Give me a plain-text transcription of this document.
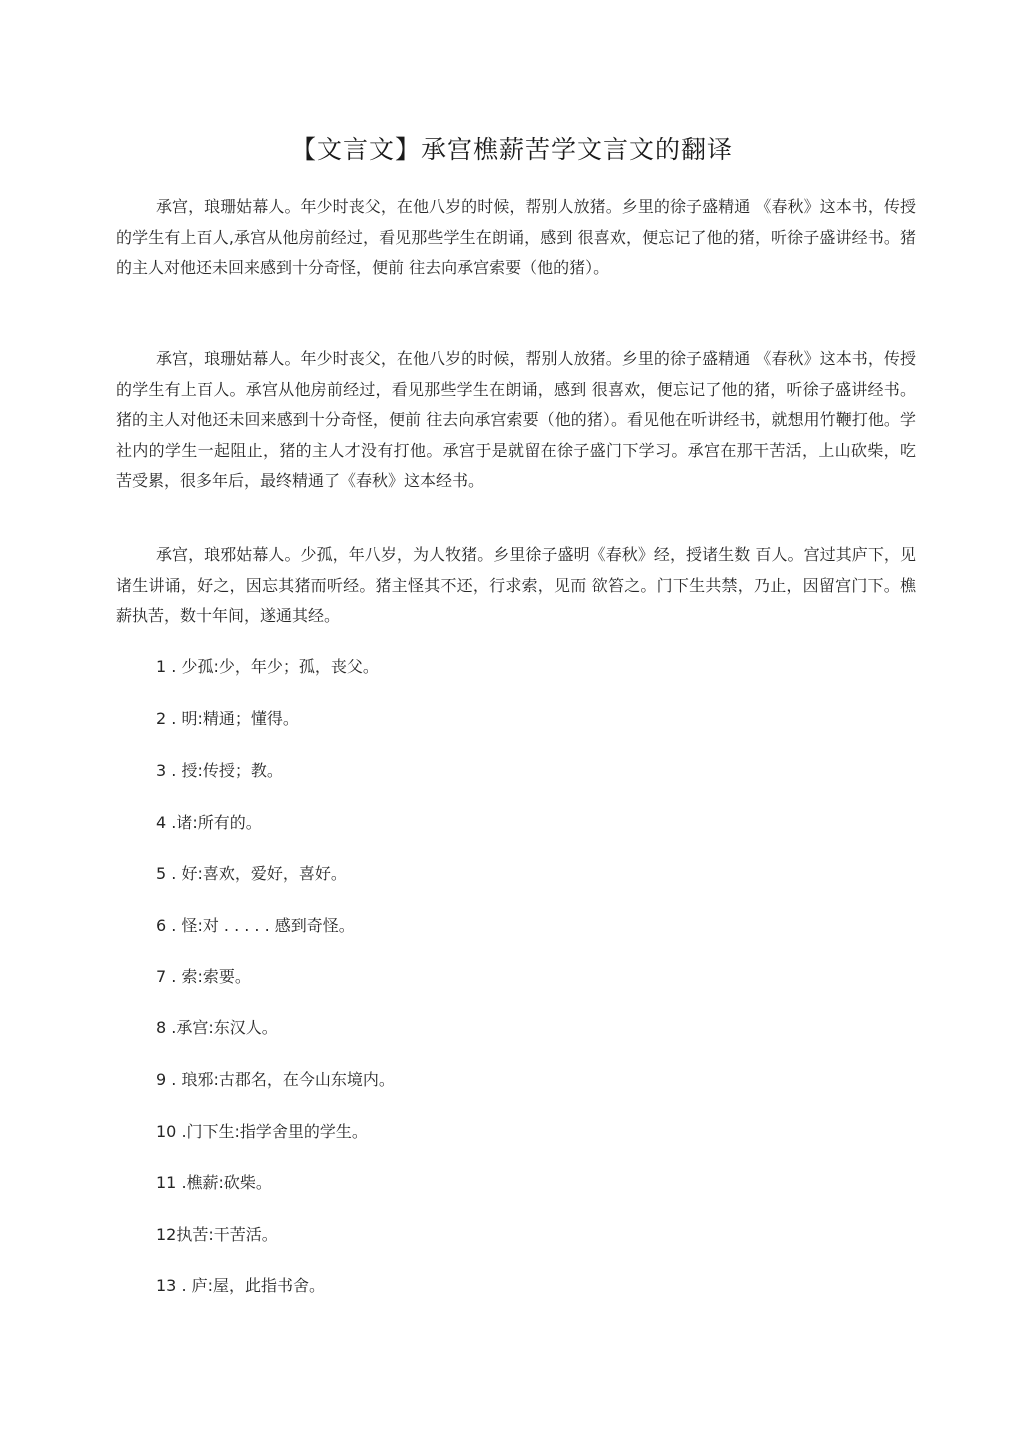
【文言文】承宫樵薪苦学文言文的翻译

承宫，琅珊姑幕人。年少时丧父，在他八岁的时候，帮别人放猪。乡里的徐子盛精通 《春秋》这本书，传授的学生有上百人,承宫从他房前经过，看见那些学生在朗诵，感到 很喜欢，便忘记了他的猪，听徐子盛讲经书。猪的主人对他还未回来感到十分奇怪，便前 往去向承宫索要（他的猪）。

承宫，琅珊姑幕人。年少时丧父，在他八岁的时候，帮别人放猪。乡里的徐子盛精通 《春秋》这本书，传授的学生有上百人。承宫从他房前经过，看见那些学生在朗诵，感到 很喜欢，便忘记了他的猪，听徐子盛讲经书。猪的主人对他还未回来感到十分奇怪，便前 往去向承宫索要（他的猪）。看见他在听讲经书，就想用竹鞭打他。学社内的学生一起阻止，猪的主人才没有打他。承宫于是就留在徐子盛门下学习。承宫在那干苦活，上山砍柴，吃 苦受累，很多年后，最终精通了《春秋》这本经书。

承宫，琅邪姑幕人。少孤，年八岁，为人牧猪。乡里徐子盛明《春秋》经，授诸生数 百人。宫过其庐下，见诸生讲诵，好之，因忘其猪而听经。猪主怪其不还，行求索，见而 欲笞之。门下生共禁，乃止，因留宫门下。樵薪执苦，数十年间，遂通其经。

1 . 少孤:少，年少；孤，丧父。
2 . 明:精通；懂得。
3 . 授:传授；教。
4 .诸:所有的。
5 . 好:喜欢，爱好，喜好。
6 . 怪:对 . . . . . 感到奇怪。
7 . 索:索要。
8 .承宫:东汉人。
9 . 琅邪:古郡名，在今山东境内。
10 .门下生:指学舍里的学生。
11 .樵薪:砍柴。
12执苦:干苦活。
13 . 庐:屋，此指书舍。
